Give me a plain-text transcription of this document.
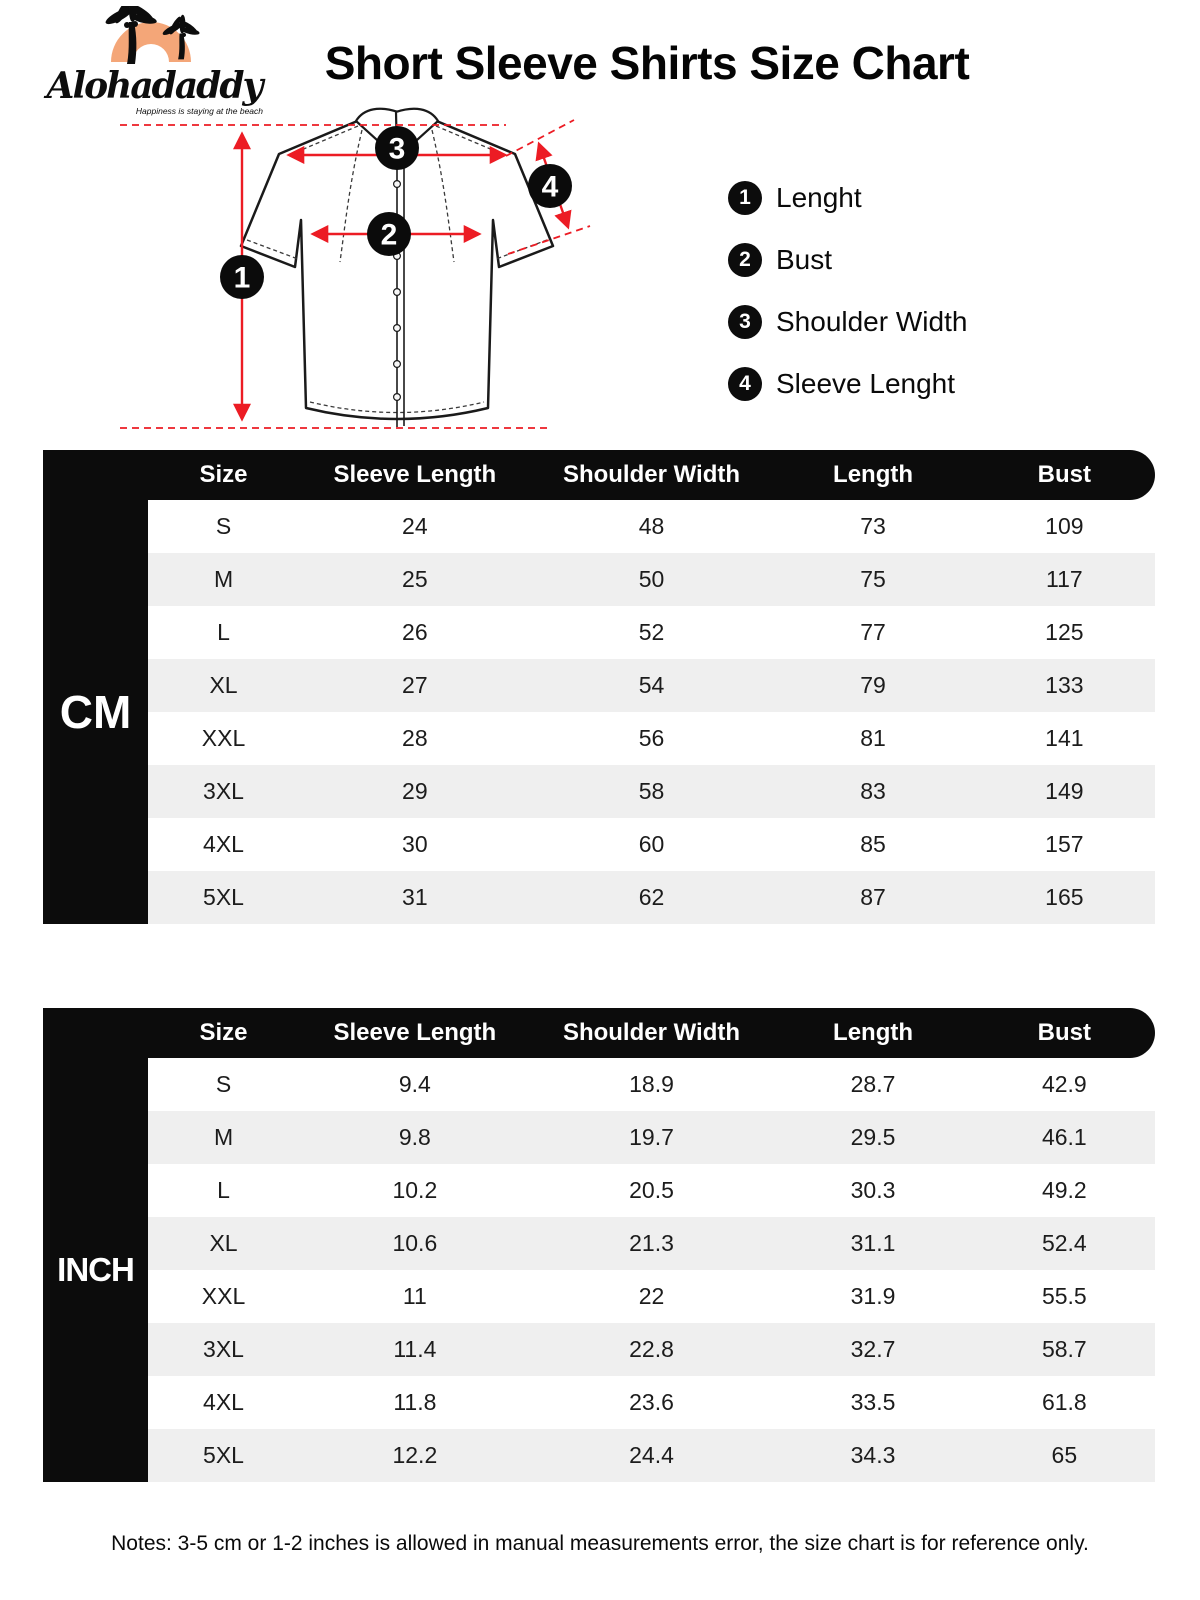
Alohadaddy
Happiness is staying at the beach
Short Sleeve Shirts Size Chart
1
2
3
4	1 Lenght
2 Bust
3 Shoulder Width
4 Sleeve Lenght
Size	Sleeve Length	Shoulder Width	Length	Bust
CM
S	24	48	73	109
M	25	50	75	117
L	26	52	77	125
XL	27	54	79	133
XXL	28	56	81	141
3XL	29	58	83	149
4XL	30	60	85	157
5XL	31	62	87	165
Size	Sleeve Length	Shoulder Width	Length	Bust
INCH
S	9.4	18.9	28.7	42.9
M	9.8	19.7	29.5	46.1
L	10.2	20.5	30.3	49.2
XL	10.6	21.3	31.1	52.4
XXL	11	22	31.9	55.5
3XL	11.4	22.8	32.7	58.7
4XL	11.8	23.6	33.5	61.8
5XL	12.2	24.4	34.3	65

Notes: 3-5 cm or 1-2 inches is allowed in manual measurements error, the size chart is for reference only.
